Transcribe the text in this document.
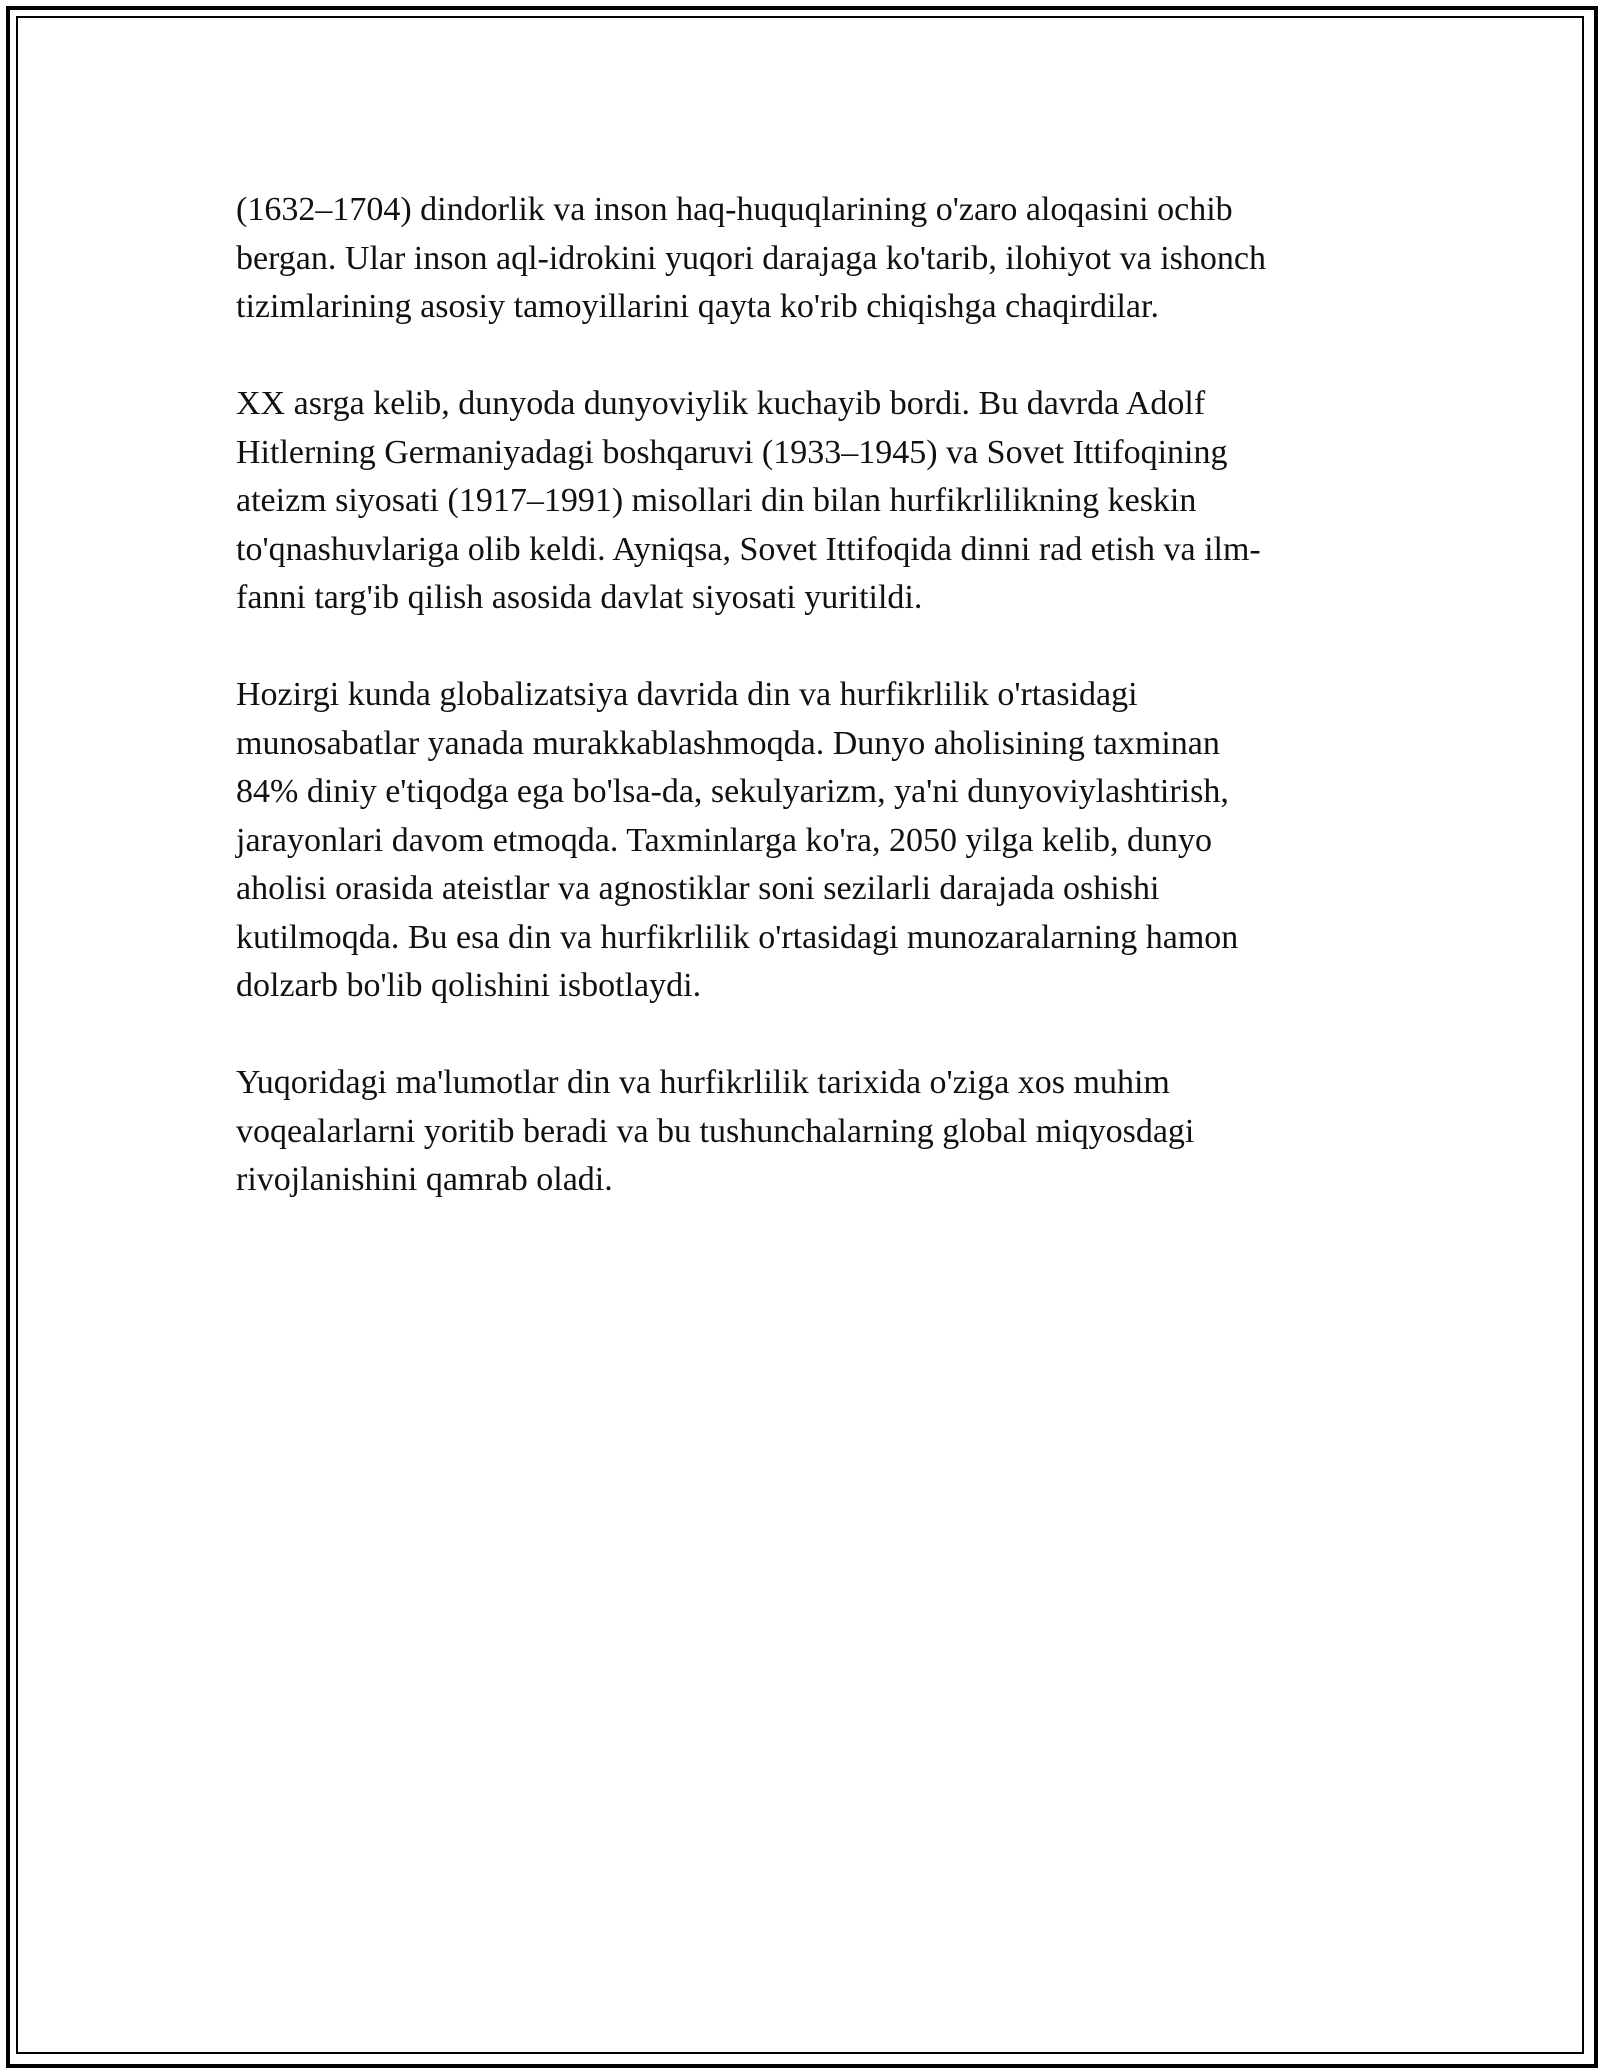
(1632–1704) dindorlik va inson haq-huquqlarining o'zaro aloqasini ochib
bergan. Ular inson aql-idrokini yuqori darajaga ko'tarib, ilohiyot va ishonch
tizimlarining asosiy tamoyillarini qayta ko'rib chiqishga chaqirdilar.

XX asrga kelib, dunyoda dunyoviylik kuchayib bordi. Bu davrda Adolf
Hitlerning Germaniyadagi boshqaruvi (1933–1945) va Sovet Ittifoqining
ateizm siyosati (1917–1991) misollari din bilan hurfikrlilikning keskin
to'qnashuvlariga olib keldi. Ayniqsa, Sovet Ittifoqida dinni rad etish va ilm-
fanni targ'ib qilish asosida davlat siyosati yuritildi.

Hozirgi kunda globalizatsiya davrida din va hurfikrlilik o'rtasidagi
munosabatlar yanada murakkablashmoqda. Dunyo aholisining taxminan
84% diniy e'tiqodga ega bo'lsa-da, sekulyarizm, ya'ni dunyoviylashtirish,
jarayonlari davom etmoqda. Taxminlarga ko'ra, 2050 yilga kelib, dunyo
aholisi orasida ateistlar va agnostiklar soni sezilarli darajada oshishi
kutilmoqda. Bu esa din va hurfikrlilik o'rtasidagi munozaralarning hamon
dolzarb bo'lib qolishini isbotlaydi.

Yuqoridagi ma'lumotlar din va hurfikrlilik tarixida o'ziga xos muhim
voqealarlarni yoritib beradi va bu tushunchalarning global miqyosdagi
rivojlanishini qamrab oladi.
